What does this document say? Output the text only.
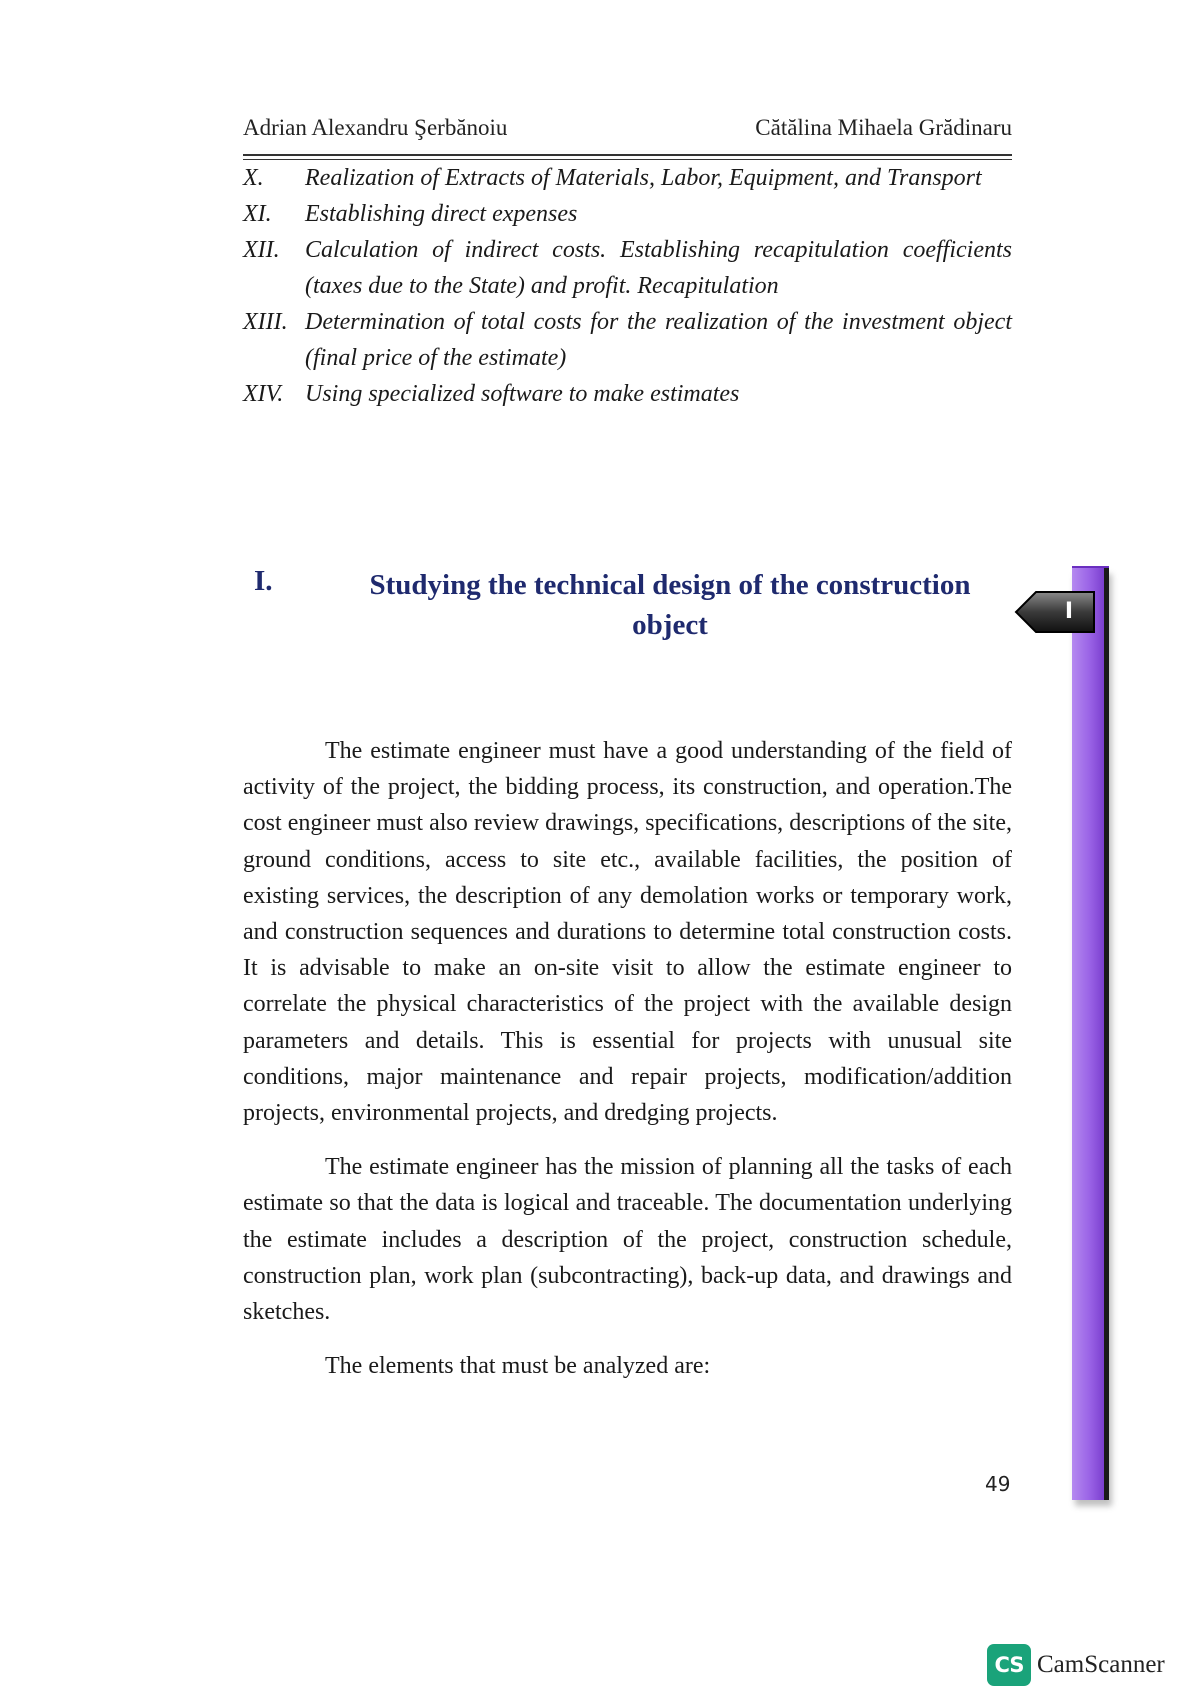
Adrian Alexandru Şerbănoiu	Cătălina Mihaela Grădinaru
X. Realization of Extracts of Materials, Labor, Equipment, and Transport
XI. Establishing direct expenses
XII. Calculation of indirect costs. Establishing recapitulation coefficients (taxes due to the State) and profit. Recapitulation
XIII. Determination of total costs for the realization of the investment object (final price of the estimate)
XIV. Using specialized software to make estimates
I.	Studying the technical design of the construction object

The estimate engineer must have a good understanding of the field of activity of the project, the bidding process, its construction, and operation.The cost engineer must also review drawings, specifications, descriptions of the site, ground conditions, access to site etc., available facilities, the position of existing services, the description of any demolation works or temporary work, and construction sequences and durations to determine total construction costs. It is advisable to make an on-site visit to allow the estimate engineer to correlate the physical characteristics of the project with the available design parameters and details. This is essential for projects with unusual site conditions, major maintenance and repair projects, modification/addition projects, environmental projects, and dredging projects.

The estimate engineer has the mission of planning all the tasks of each estimate so that the data is logical and traceable. The documentation underlying the estimate includes a description of the project, construction schedule, construction plan, work plan (subcontracting), back-up data, and drawings and sketches.

The elements that must be analyzed are:

49
I
CS CamScanner
